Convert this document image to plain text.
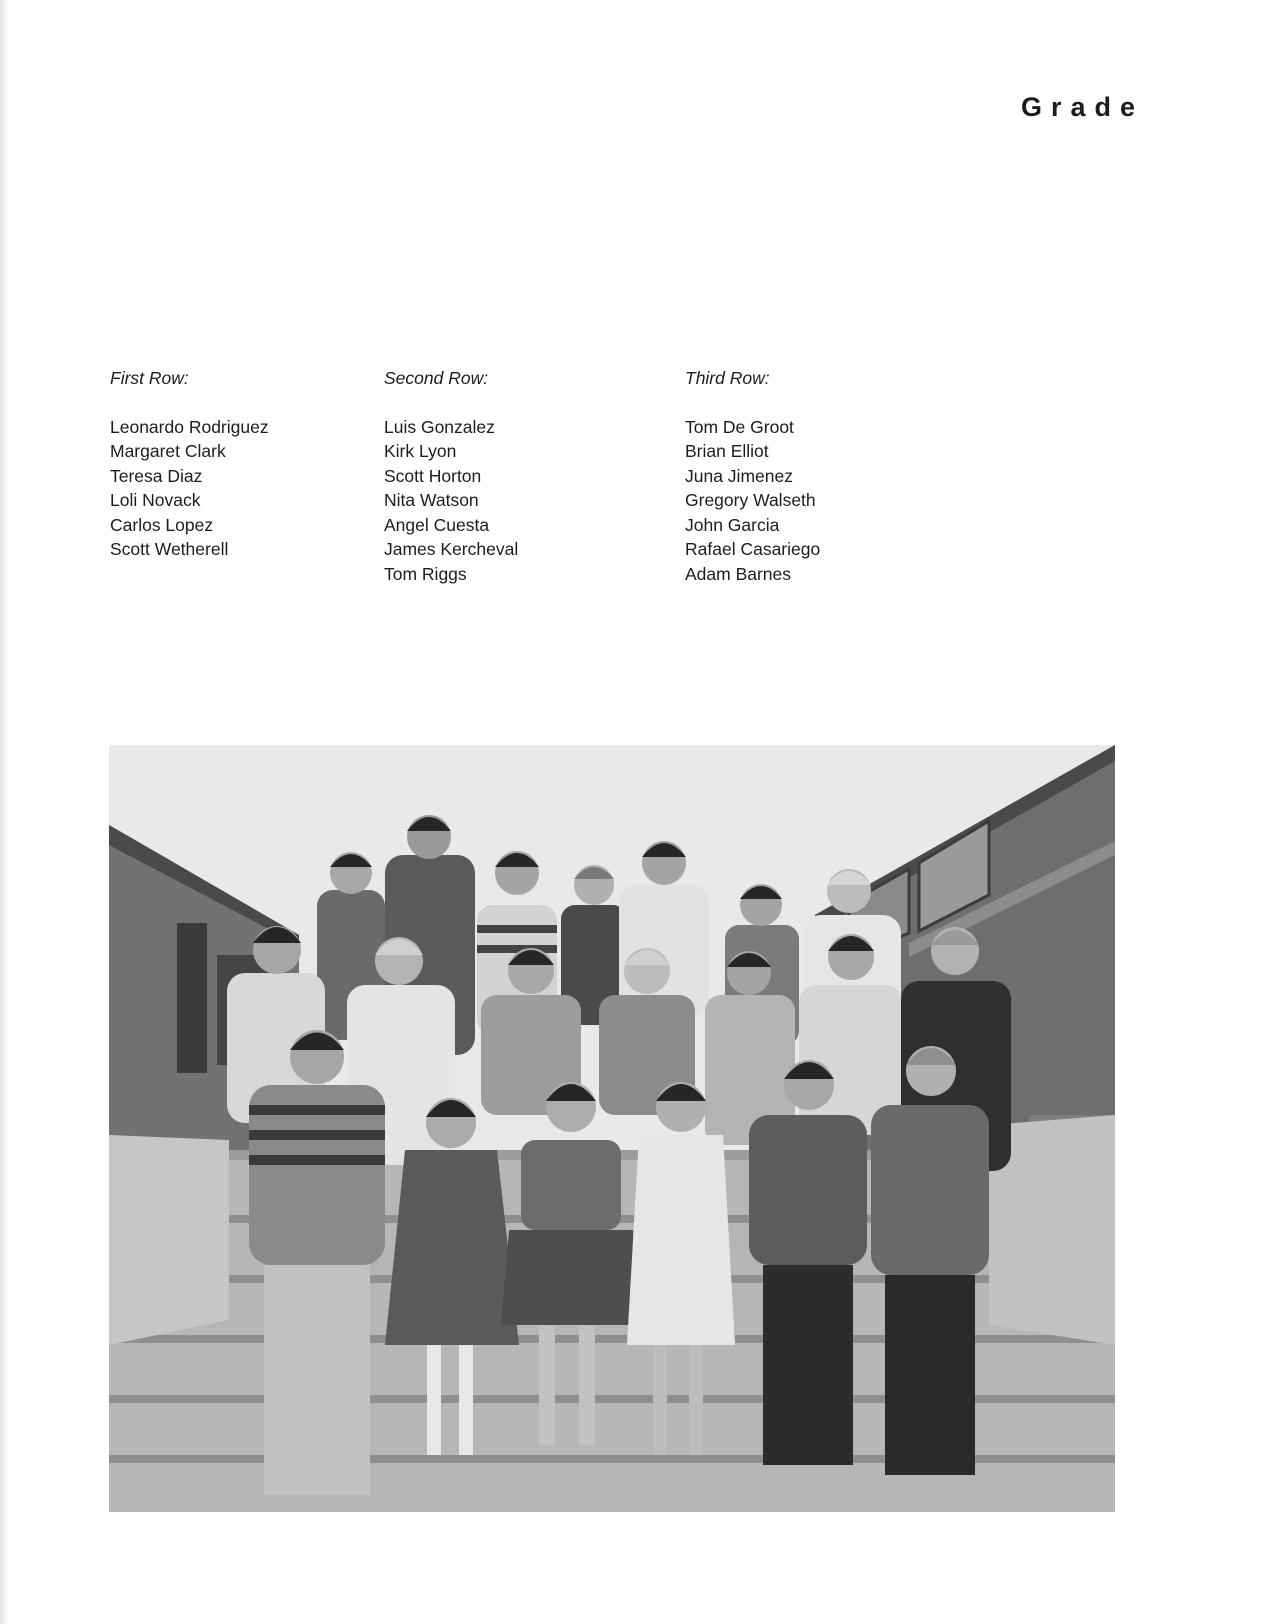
Grade
First Row:
Leonardo Rodriguez
Margaret Clark
Teresa Diaz
Loli Novack
Carlos Lopez
Scott Wetherell
Second Row:
Luis Gonzalez
Kirk Lyon
Scott Horton
Nita Watson
Angel Cuesta
James Kercheval
Tom Riggs
Third Row:
Tom De Groot
Brian Elliot
Juna Jimenez
Gregory Walseth
John Garcia
Rafael Casariego
Adam Barnes
